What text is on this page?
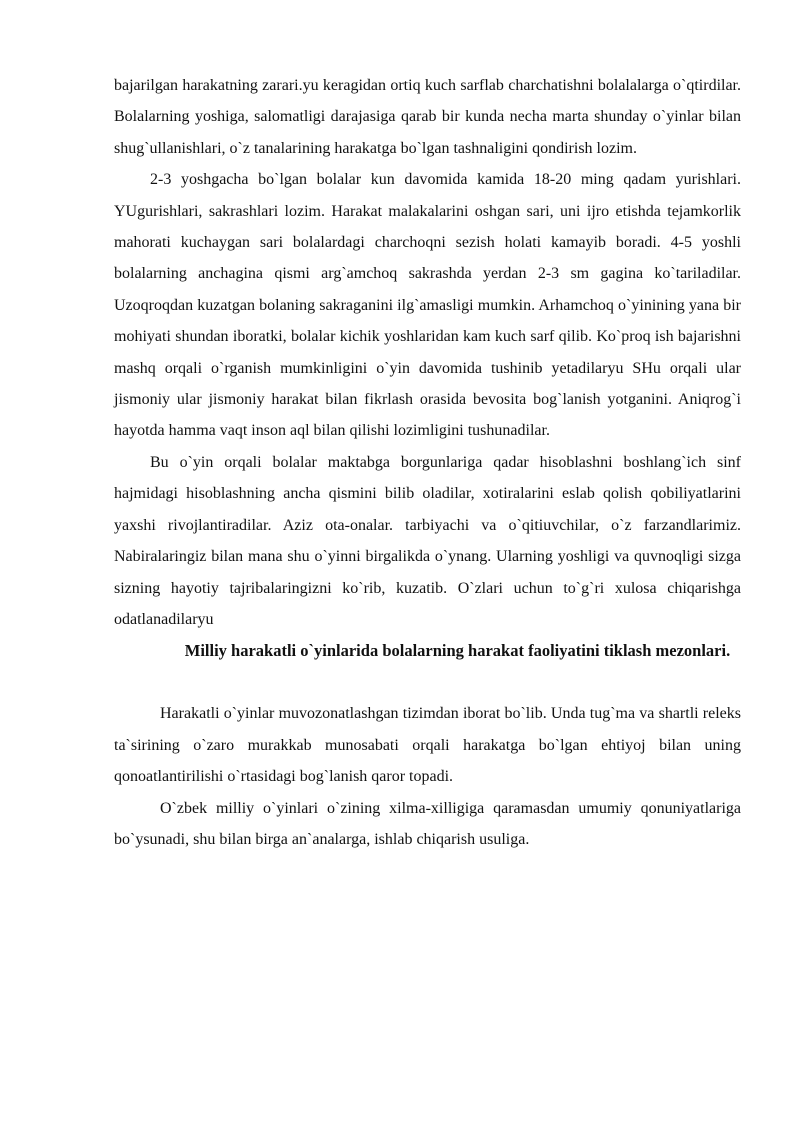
bajarilgan harakatning zarari.yu keragidan ortiq kuch sarflab charchatishni bolalalarga o`qtirdilar. Bolalarning yoshiga, salomatligi darajasiga qarab bir kunda necha marta shunday o`yinlar bilan shug`ullanishlari, o`z tanalarining harakatga bo`lgan tashnaligini qondirish lozim.

2-3 yoshgacha bo`lgan bolalar kun davomida kamida 18-20 ming qadam yurishlari. YUgurishlari, sakrashlari lozim. Harakat malakalarini oshgan sari, uni ijro etishda tejamkorlik mahorati kuchaygan sari bolalardagi charchoqni sezish holati kamayib boradi. 4-5 yoshli bolalarning anchagina qismi arg`amchoq sakrashda yerdan 2-3 sm gagina ko`tariladilar. Uzoqroqdan kuzatgan bolaning sakraganini ilg`amasligi mumkin. Arhamchoq o`yinining yana bir mohiyati shundan iboratki, bolalar kichik yoshlaridan kam kuch sarf qilib. Ko`proq ish bajarishni mashq orqali o`rganish mumkinligini o`yin davomida tushinib yetadilaryu SHu orqali ular jismoniy ular jismoniy harakat bilan fikrlash orasida bevosita bog`lanish yotganini. Aniqrog`i hayotda hamma vaqt inson aql bilan qilishi lozimligini tushunadilar.

Bu o`yin orqali bolalar maktabga borgunlariga qadar hisoblashni boshlang`ich sinf hajmidagi hisoblashning ancha qismini bilib oladilar, xotiralarini eslab qolish qobiliyatlarini yaxshi rivojlantiradilar. Aziz ota-onalar. tarbiyachi va o`qitiuvchilar, o`z farzandlarimiz. Nabiralaringiz bilan mana shu o`yinni birgalikda o`ynang. Ularning yoshligi va quvnoqligi sizga sizning hayotiy tajribalaringizni ko`rib, kuzatib. O`zlari uchun to`g`ri xulosa chiqarishga odatlanadilaryu

Milliy harakatli o`yinlarida bolalarning harakat faoliyatini tiklash mezonlari.

Harakatli o`yinlar muvozonatlashgan tizimdan iborat bo`lib. Unda tug`ma va shartli releks ta`sirining o`zaro murakkab munosabati orqali harakatga bo`lgan ehtiyoj bilan uning qonoatlantirilishi o`rtasidagi bog`lanish qaror topadi.

O`zbek milliy o`yinlari o`zining xilma-xilligiga qaramasdan umumiy qonuniyatlariga bo`ysunadi, shu bilan birga an`analarga, ishlab chiqarish usuliga.
